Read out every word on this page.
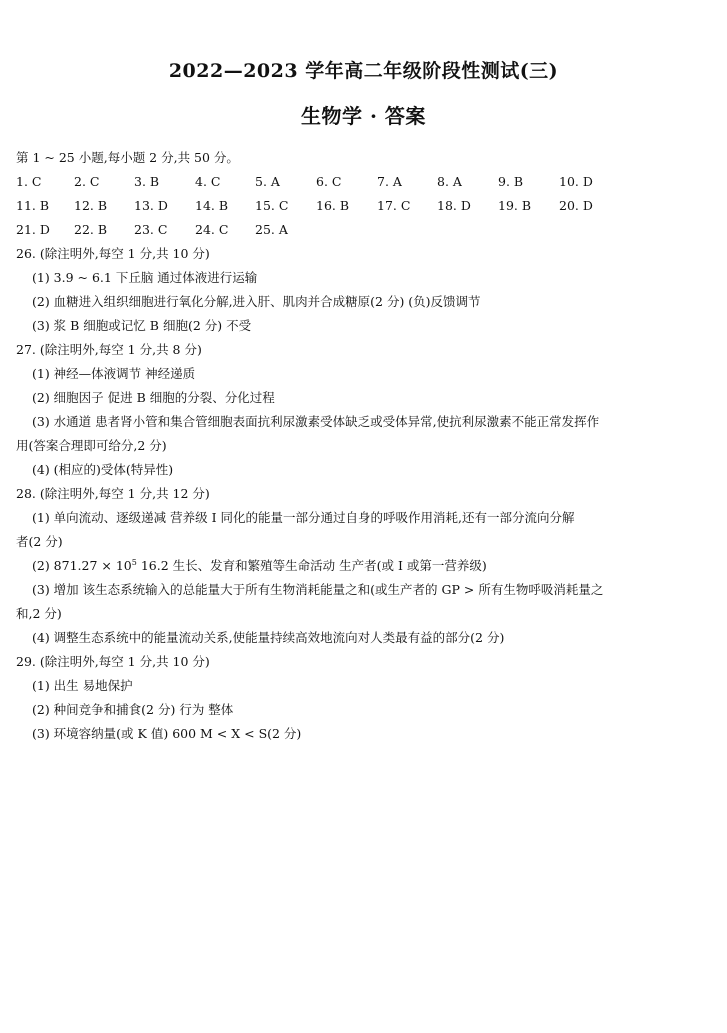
2022—2023 学年高二年级阶段性测试(三)
生物学 · 答案
第 1 ~ 25 小题,每小题 2 分,共 50 分。
1. C	2. C	3. B	4. C	5. A	6. C	7. A	8. A	9. B	10. D
11. B 12. B 13. D 14. B 15. C 16. B 17. C 18. D 19. B 20. D
21. D 22. B 23. C 24. C 25. A
26. (除注明外,每空 1 分,共 10 分)
(1) 3.9 ~ 6.1 下丘脑 通过体液进行运输
(2) 血糖进入组织细胞进行氧化分解,进入肝、肌肉并合成糖原(2 分) (负)反馈调节
(3) 浆 B 细胞或记忆 B 细胞(2 分) 不受
27. (除注明外,每空 1 分,共 8 分)
(1) 神经—体液调节 神经递质
(2) 细胞因子 促进 B 细胞的分裂、分化过程
(3) 水通道 患者肾小管和集合管细胞表面抗利尿激素受体缺乏或受体异常,使抗利尿激素不能正常发挥作
用(答案合理即可给分,2 分)
(4) (相应的)受体(特异性)
28. (除注明外,每空 1 分,共 12 分)
(1) 单向流动、逐级递减 营养级 Ⅰ 同化的能量一部分通过自身的呼吸作用消耗,还有一部分流向分解
者(2 分)
(2) $871.27 \times 10^5$ 16.2 生长、发育和繁殖等生命活动 生产者(或 Ⅰ 或第一营养级)
(3) 增加 该生态系统输入的总能量大于所有生物消耗能量之和(或生产者的 GP > 所有生物呼吸消耗量之
和,2 分)
(4) 调整生态系统中的能量流动关系,使能量持续高效地流向对人类最有益的部分(2 分)
29. (除注明外,每空 1 分,共 10 分)
(1) 出生 易地保护
(2) 种间竞争和捕食(2 分) 行为 整体
(3) 环境容纳量(或 K 值) 600 M < X < S(2 分)
